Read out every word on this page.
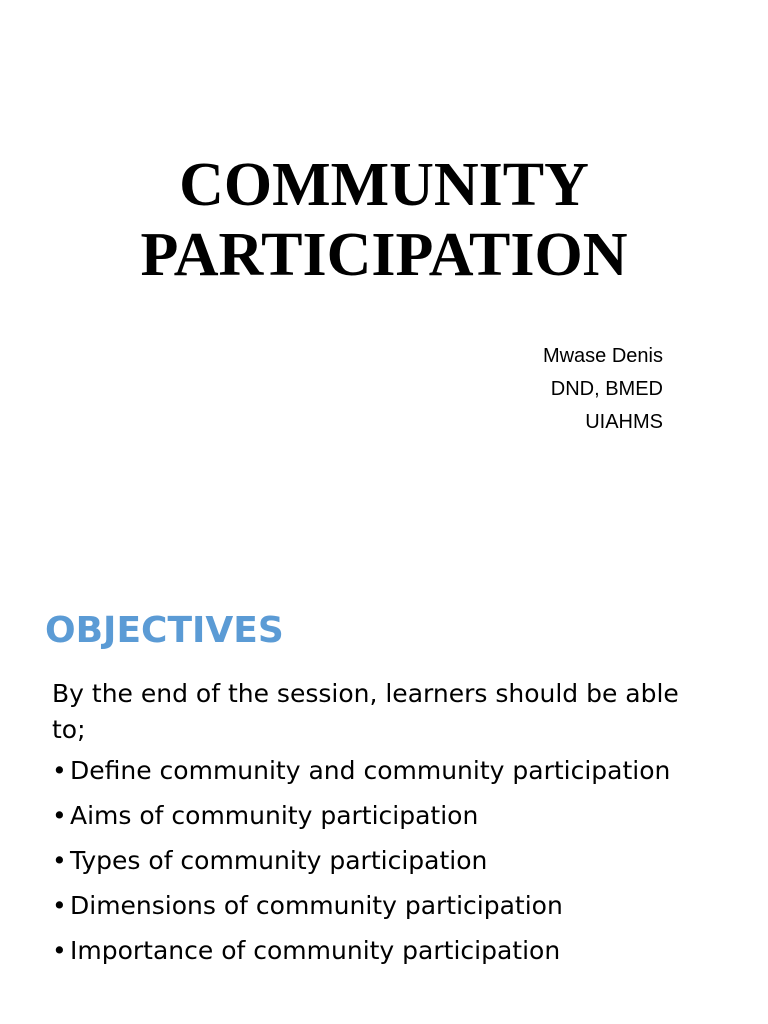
COMMUNITY
PARTICIPATION
Mwase Denis
DND, BMED
UIAHMS
OBJECTIVES

By the end of the session, learners should be able to;

• Define community and community participation
• Aims of community participation
• Types of community participation
• Dimensions of community participation
• Importance of community participation
